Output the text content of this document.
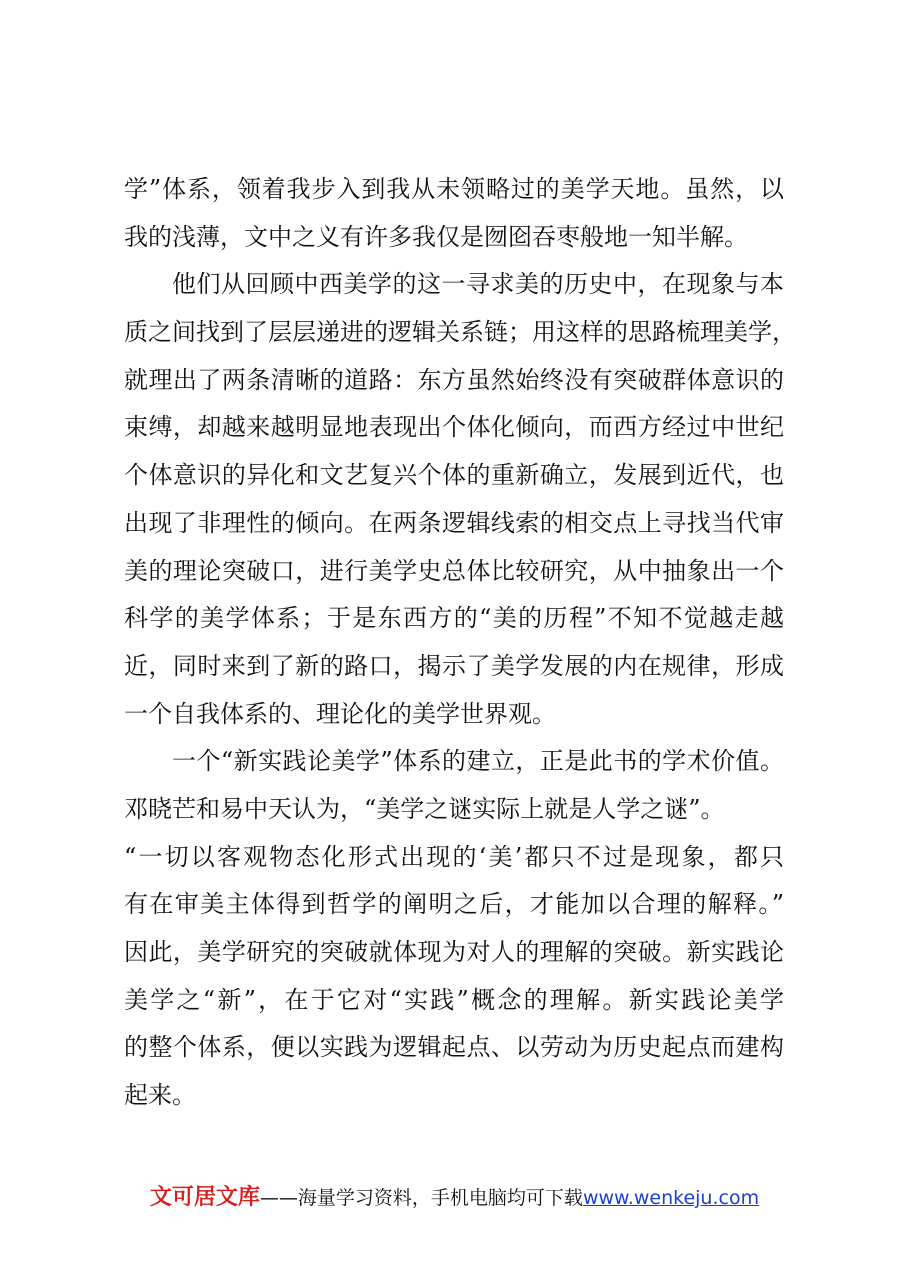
学”体系，领着我步入到我从未领略过的美学天地。虽然，以
我的浅薄，文中之义有许多我仅是囫囵吞枣般地一知半解。
他们从回顾中西美学的这一寻求美的历史中，在现象与本
质之间找到了层层递进的逻辑关系链；用这样的思路梳理美学，
就理出了两条清晰的道路：东方虽然始终没有突破群体意识的
束缚，却越来越明显地表现出个体化倾向，而西方经过中世纪
个体意识的异化和文艺复兴个体的重新确立，发展到近代，也
出现了非理性的倾向。在两条逻辑线索的相交点上寻找当代审
美的理论突破口，进行美学史总体比较研究，从中抽象出一个
科学的美学体系；于是东西方的“美的历程”不知不觉越走越
近，同时来到了新的路口，揭示了美学发展的内在规律，形成
一个自我体系的、理论化的美学世界观。
一个“新实践论美学”体系的建立，正是此书的学术价值。
邓晓芒和易中天认为，“美学之谜实际上就是人学之谜”。
“一切以客观物态化形式出现的‘美’都只不过是现象，都只
有在审美主体得到哲学的阐明之后，才能加以合理的解释。”
因此，美学研究的突破就体现为对人的理解的突破。新实践论
美学之“新”，在于它对“实践”概念的理解。新实践论美学
的整个体系，便以实践为逻辑起点、以劳动为历史起点而建构
起来。
文可居文库——海量学习资料，手机电脑均可下载www.wenkeju.com
